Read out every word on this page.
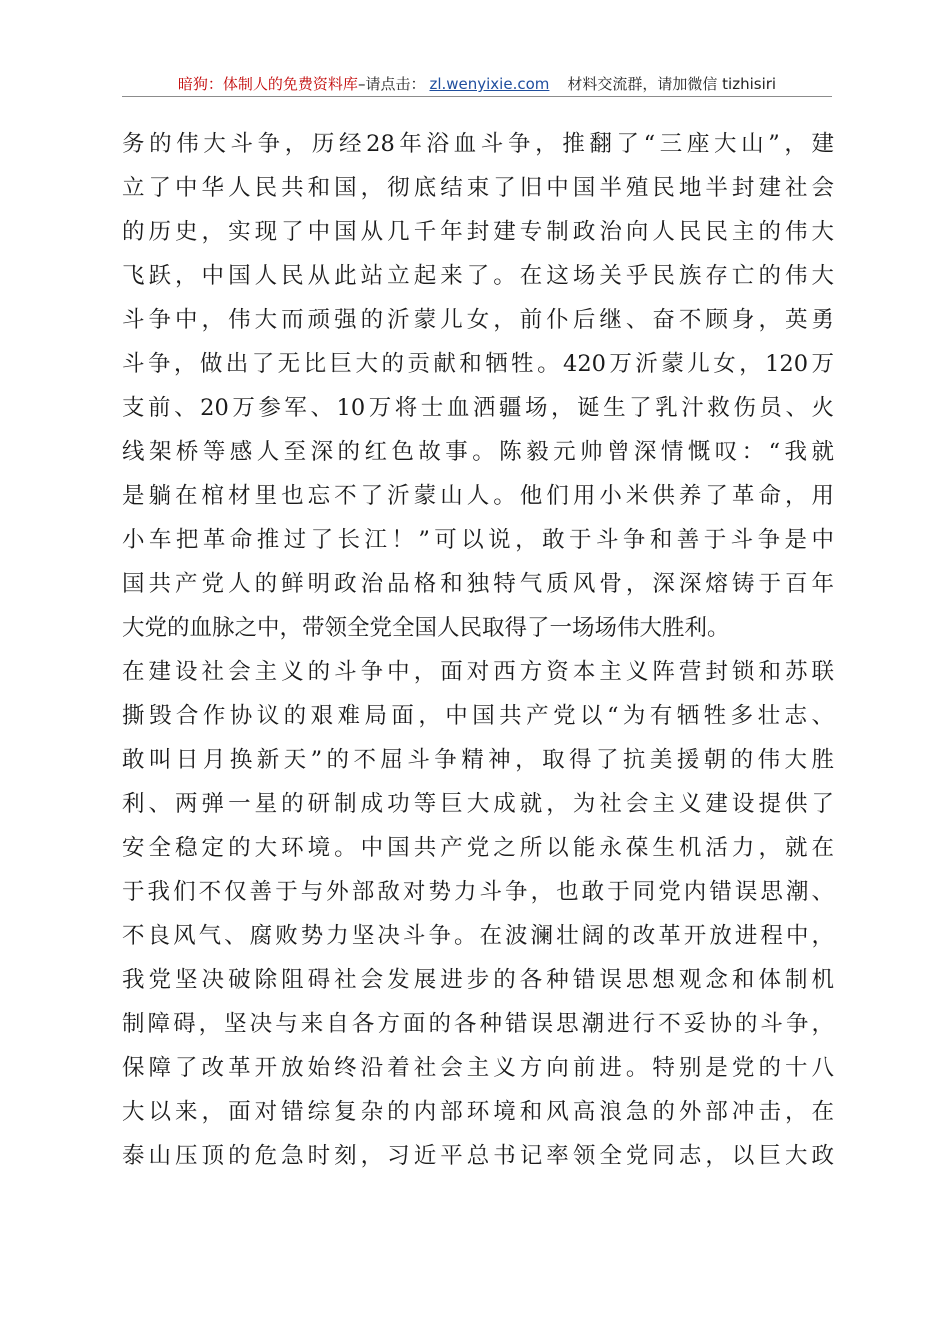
暗狗：体制人的免费资料库 –请点击： zl.wenyixie.com 材料交流群，请加微信 tizhisiri
务的伟大斗争，历经28年浴血斗争，推翻了“三座大山”，建
立了中华人民共和国，彻底结束了旧中国半殖民地半封建社会
的历史，实现了中国从几千年封建专制政治向人民民主的伟大
飞跃，中国人民从此站立起来了。在这场关乎民族存亡的伟大
斗争中，伟大而顽强的沂蒙儿女，前仆后继、奋不顾身，英勇
斗争，做出了无比巨大的贡献和牺牲。420万沂蒙儿女，120万
支前、20万参军、10万将士血洒疆场，诞生了乳汁救伤员、火
线架桥等感人至深的红色故事。陈毅元帅曾深情慨叹：“我就
是躺在棺材里也忘不了沂蒙山人。他们用小米供养了革命，用
小车把革命推过了长江！”可以说，敢于斗争和善于斗争是中
国共产党人的鲜明政治品格和独特气质风骨，深深熔铸于百年
大党的血脉之中，带领全党全国人民取得了一场场伟大胜利。
在建设社会主义的斗争中，面对西方资本主义阵营封锁和苏联
撕毁合作协议的艰难局面，中国共产党以“为有牺牲多壮志、
敢叫日月换新天”的不屈斗争精神，取得了抗美援朝的伟大胜
利、两弹一星的研制成功等巨大成就，为社会主义建设提供了
安全稳定的大环境。中国共产党之所以能永葆生机活力，就在
于我们不仅善于与外部敌对势力斗争，也敢于同党内错误思潮、
不良风气、腐败势力坚决斗争。在波澜壮阔的改革开放进程中，
我党坚决破除阻碍社会发展进步的各种错误思想观念和体制机
制障碍，坚决与来自各方面的各种错误思潮进行不妥协的斗争，
保障了改革开放始终沿着社会主义方向前进。特别是党的十八
大以来，面对错综复杂的内部环境和风高浪急的外部冲击，在
泰山压顶的危急时刻，习近平总书记率领全党同志，以巨大政
